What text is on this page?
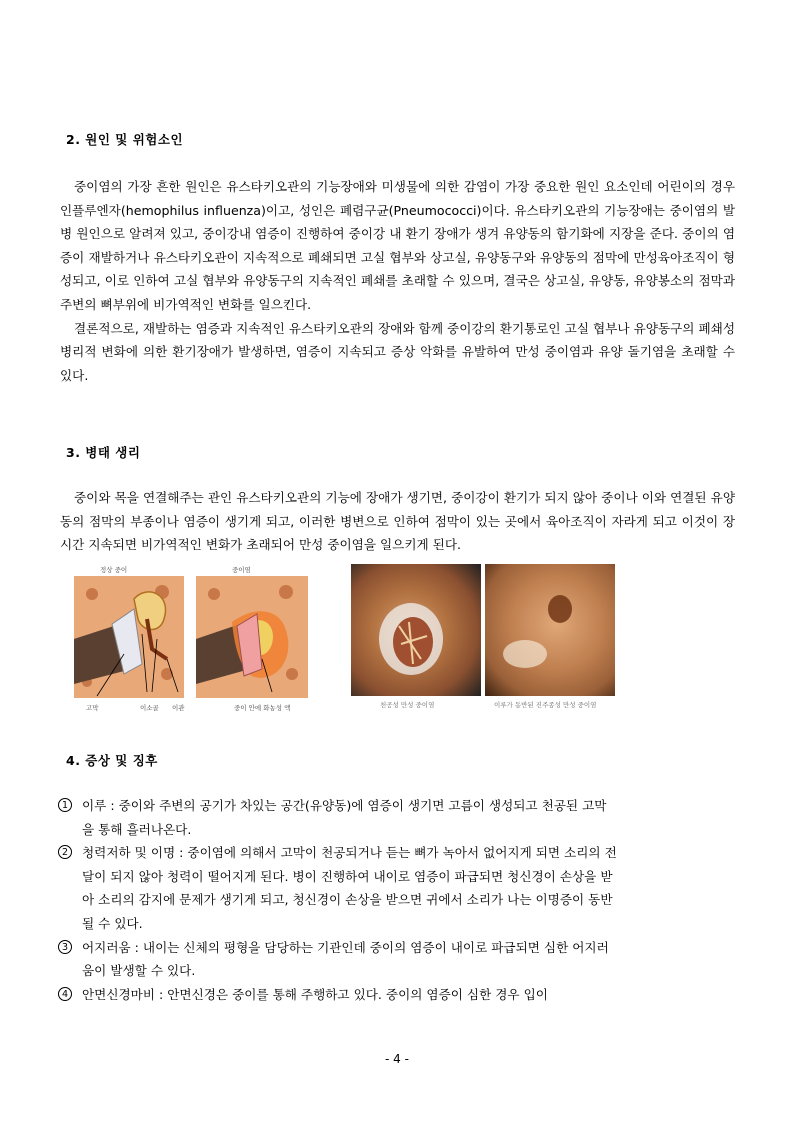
2. 원인 및 위험소인

중이염의 가장 흔한 원인은 유스타키오관의 기능장애와 미생물에 의한 감염이 가장 중요한 원인 요소인데 어린이의 경우 인플루엔자(hemophilus influenza)이고, 성인은 폐렴구균(Pneumococci)이다. 유스타키오관의 기능장애는 중이염의 발병 원인으로 알려져 있고, 중이강내 염증이 진행하여 중이강 내 환기 장애가 생겨 유양동의 함기화에 지장을 준다. 중이의 염증이 재발하거나 유스타키오관이 지속적으로 폐쇄되면 고실 협부와 상고실, 유양동구와 유양동의 점막에 만성육아조직이 형성되고, 이로 인하여 고실 협부와 유양동구의 지속적인 폐쇄를 초래할 수 있으며, 결국은 상고실, 유양동, 유양봉소의 점막과 주변의 뼈부위에 비가역적인 변화를 일으킨다.

결론적으로, 재발하는 염증과 지속적인 유스타키오관의 장애와 함께 중이강의 환기통로인 고실 협부나 유양동구의 폐쇄성 병리적 변화에 의한 환기장애가 발생하면, 염증이 지속되고 증상 악화를 유발하여 만성 중이염과 유양 돌기염을 초래할 수 있다.

3. 병태 생리

중이와 목을 연결해주는 관인 유스타키오관의 기능에 장애가 생기면, 중이강이 환기가 되지 않아 중이나 이와 연결된 유양동의 점막의 부종이나 염증이 생기게 되고, 이러한 병변으로 인하여 점막이 있는 곳에서 육아조직이 자라게 되고 이것이 장시간 지속되면 비가역적인 변화가 초래되어 만성 중이염을 일으키게 된다.

정상 중이	중이염
고막	이소골 이관	중이 안에 화농성 액	천공성 만성 중이염	이루가 동반된 진주종성 만성 중이염
4. 증상 및 징후
1	이루 : 중이와 주변의 공기가 차있는 공간(유양동)에 염증이 생기면 고름이 생성되고 천공된 고막을 통해 흘러나온다.
2	청력저하 및 이명 : 중이염에 의해서 고막이 천공되거나 듣는 뼈가 녹아서 없어지게 되면 소리의 전달이 되지 않아 청력이 떨어지게 된다. 병이 진행하여 내이로 염증이 파급되면 청신경이 손상을 받아 소리의 감지에 문제가 생기게 되고, 청신경이 손상을 받으면 귀에서 소리가 나는 이명증이 동반될 수 있다.
3	어지러움 : 내이는 신체의 평형을 담당하는 기관인데 중이의 염증이 내이로 파급되면 심한 어지러움이 발생할 수 있다.
4	안면신경마비 : 안면신경은 중이를 통해 주행하고 있다. 중이의 염증이 심한 경우 입이
- 4 -
